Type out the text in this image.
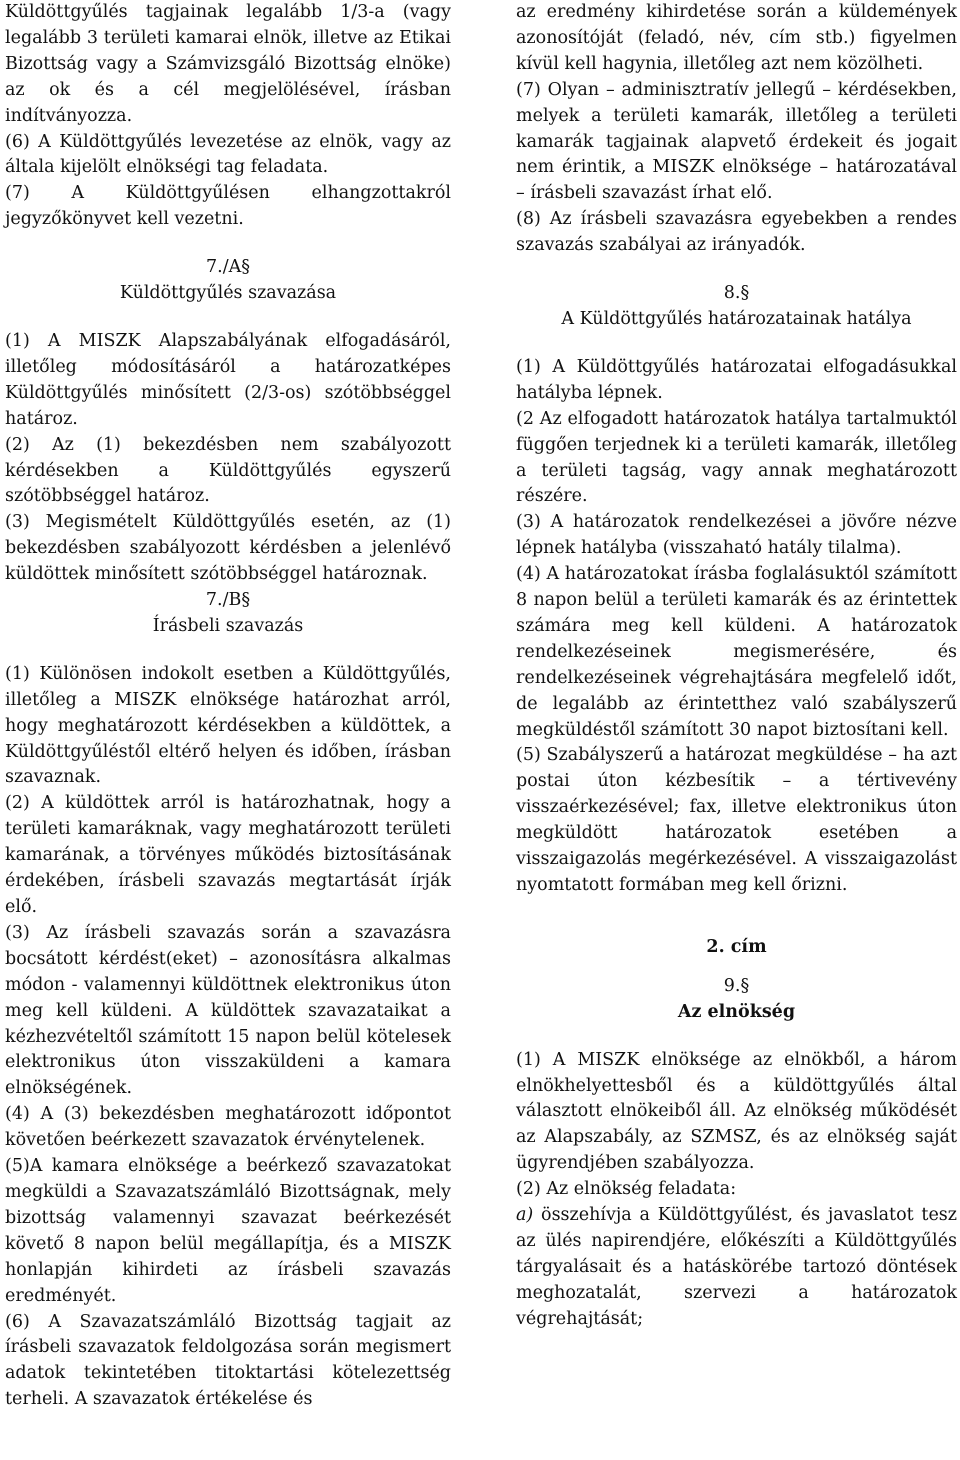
Küldöttgyűlés tagjainak legalább 1/3-a (vagy legalább 3 területi kamarai elnök, illetve az Etikai Bizottság vagy a Számvizsgáló Bizottság elnöke) az ok és a cél megjelölésével, írásban indítványozza.

(6) A Küldöttgyűlés levezetése az elnök, vagy az általa kijelölt elnökségi tag feladata.

(7) A Küldöttgyűlésen elhangzottakról jegyzőkönyvet kell vezetni.

7./A§

Küldöttgyűlés szavazása

(1) A MISZK Alapszabályának elfogadásáról, illetőleg módosításáról a határozatképes Küldöttgyűlés minősített (2/3-os) szótöbbséggel határoz.

(2) Az (1) bekezdésben nem szabályozott kérdésekben a Küldöttgyűlés egyszerű szótöbbséggel határoz.

(3) Megismételt Küldöttgyűlés esetén, az (1) bekezdésben szabályozott kérdésben a jelenlévő küldöttek minősített szótöbbséggel határoznak.

7./B§

Írásbeli szavazás

(1) Különösen indokolt esetben a Küldöttgyűlés, illetőleg a MISZK elnöksége határozhat arról, hogy meghatározott kérdésekben a küldöttek, a Küldöttgyűléstől eltérő helyen és időben, írásban szavaznak.

(2) A küldöttek arról is határozhatnak, hogy a területi kamaráknak, vagy meghatározott területi kamarának, a törvényes működés biztosításának érdekében, írásbeli szavazás megtartását írják elő.

(3) Az írásbeli szavazás során a szavazásra bocsátott kérdést(eket) – azonosításra alkalmas módon - valamennyi küldöttnek elektronikus úton meg kell küldeni. A küldöttek szavazataikat a kézhezvételtől számított 15 napon belül kötelesek elektronikus úton visszaküldeni a kamara elnökségének.

(4) A (3) bekezdésben meghatározott időpontot követően beérkezett szavazatok érvénytelenek.

(5)A kamara elnöksége a beérkező szavazatokat megküldi a Szavazatszámláló Bizottságnak, mely bizottság valamennyi szavazat beérkezését követő 8 napon belül megállapítja, és a MISZK honlapján kihirdeti az írásbeli szavazás eredményét.

(6) A Szavazatszámláló Bizottság tagjait az írásbeli szavazatok feldolgozása során megismert adatok tekintetében titoktartási kötelezettség terheli. A szavazatok értékelése és

az eredmény kihirdetése során a küldemények azonosítóját (feladó, név, cím stb.) figyelmen kívül kell hagynia, illetőleg azt nem közölheti.

(7) Olyan – adminisztratív jellegű – kérdésekben, melyek a területi kamarák, illetőleg a területi kamarák tagjainak alapvető érdekeit és jogait nem érintik, a MISZK elnöksége – határozatával – írásbeli szavazást írhat elő.

(8) Az írásbeli szavazásra egyebekben a rendes szavazás szabályai az irányadók.

8.§

A Küldöttgyűlés határozatainak hatálya

(1) A Küldöttgyűlés határozatai elfogadásukkal hatályba lépnek.

(2 Az elfogadott határozatok hatálya tartalmuktól függően terjednek ki a területi kamarák, illetőleg a területi tagság, vagy annak meghatározott részére.

(3) A határozatok rendelkezései a jövőre nézve lépnek hatályba (visszaható hatály tilalma).

(4) A határozatokat írásba foglalásuktól számított 8 napon belül a területi kamarák és az érintettek számára meg kell küldeni. A határozatok rendelkezéseinek megismerésére, és rendelkezéseinek végrehajtására megfelelő időt, de legalább az érintetthez való szabályszerű megküldéstől számított 30 napot biztosítani kell.

(5) Szabályszerű a határozat megküldése – ha azt postai úton kézbesítik – a tértivevény visszaérkezésével; fax, illetve elektronikus úton megküldött határozatok esetében a visszaigazolás megérkezésével. A visszaigazolást nyomtatott formában meg kell őrizni.

2. cím

9.§

Az elnökség

(1) A MISZK elnöksége az elnökből, a három elnökhelyettesből és a küldöttgyűlés által választott elnökeiből áll. Az elnökség működését az Alapszabály, az SZMSZ, és az elnökség saját ügyrendjében szabályozza.

(2) Az elnökség feladata:

a) összehívja a Küldöttgyűlést, és javaslatot tesz az ülés napirendjére, előkészíti a Küldöttgyűlés tárgyalásait és a hatáskörébe tartozó döntések meghozatalát, szervezi a határozatok végrehajtását;
